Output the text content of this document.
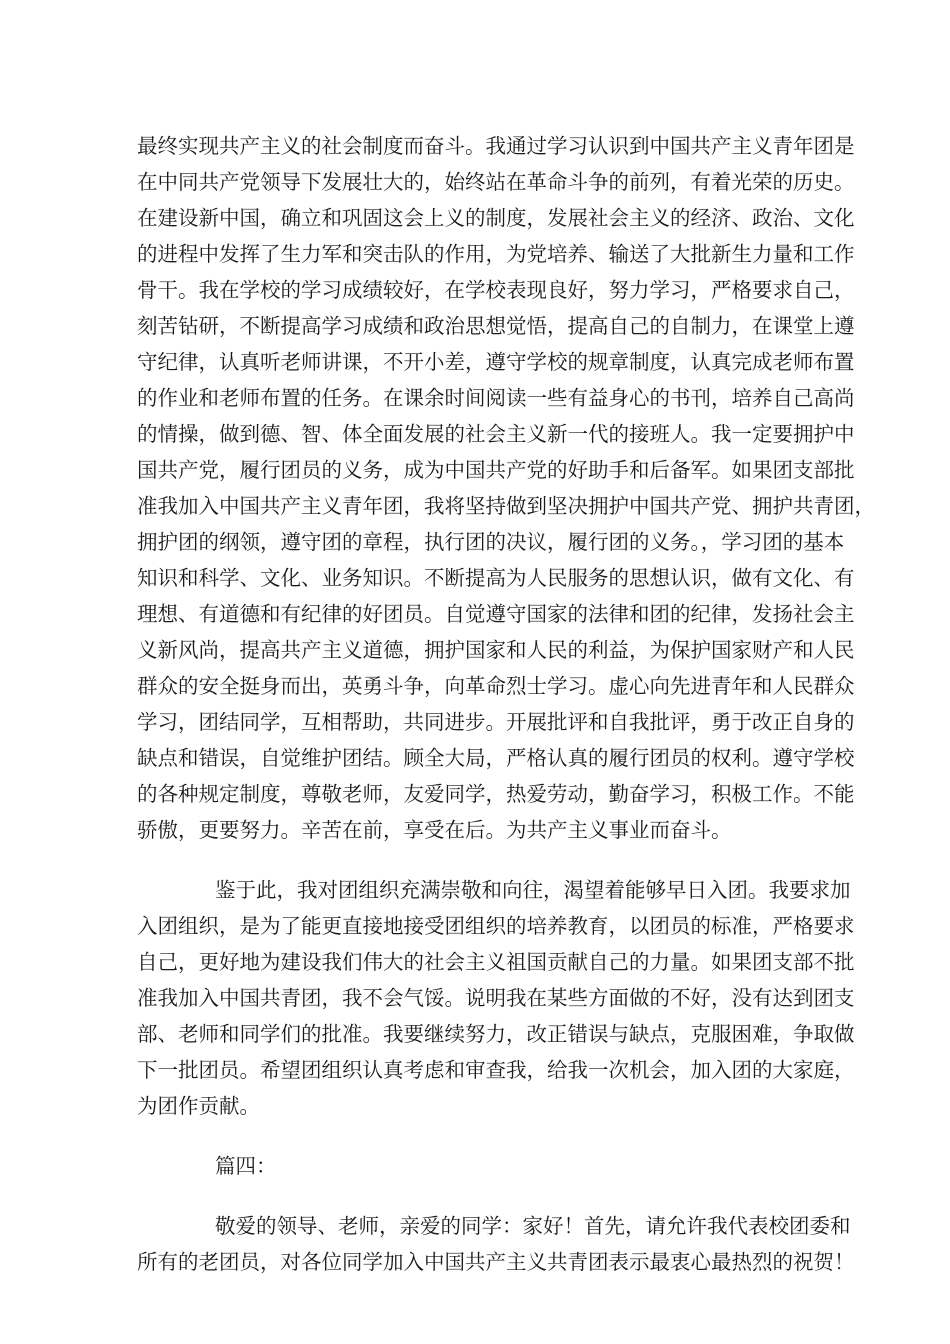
最终实现共产主义的社会制度而奋斗。我通过学习认识到中国共产主义青年团是
在中同共产党领导下发展壮大的，始终站在革命斗争的前列，有着光荣的历史。
在建设新中国，确立和巩固这会上义的制度，发展社会主义的经济、政治、文化
的进程中发挥了生力军和突击队的作用，为党培养、输送了大批新生力量和工作
骨干。我在学校的学习成绩较好，在学校表现良好，努力学习，严格要求自己，
刻苦钻研，不断提高学习成绩和政治思想觉悟，提高自己的自制力，在课堂上遵
守纪律，认真听老师讲课，不开小差，遵守学校的规章制度，认真完成老师布置
的作业和老师布置的任务。在课余时间阅读一些有益身心的书刊，培养自己高尚
的情操，做到德、智、体全面发展的社会主义新一代的接班人。我一定要拥护中
国共产党，履行团员的义务，成为中国共产党的好助手和后备军。如果团支部批
准我加入中国共产主义青年团，我将坚持做到坚决拥护中国共产党、拥护共青团，
拥护团的纲领，遵守团的章程，执行团的决议，履行团的义务。，学习团的基本
知识和科学、文化、业务知识。不断提高为人民服务的思想认识，做有文化、有
理想、有道德和有纪律的好团员。自觉遵守国家的法律和团的纪律，发扬社会主
义新风尚，提高共产主义道德，拥护国家和人民的利益，为保护国家财产和人民
群众的安全挺身而出，英勇斗争，向革命烈士学习。虚心向先进青年和人民群众
学习，团结同学，互相帮助，共同进步。开展批评和自我批评，勇于改正自身的
缺点和错误，自觉维护团结。顾全大局，严格认真的履行团员的权利。遵守学校
的各种规定制度，尊敬老师，友爱同学，热爱劳动，勤奋学习，积极工作。不能
骄傲，更要努力。辛苦在前，享受在后。为共产主义事业而奋斗。
鉴于此，我对团组织充满崇敬和向往，渴望着能够早日入团。我要求加
入团组织，是为了能更直接地接受团组织的培养教育，以团员的标准，严格要求
自己，更好地为建设我们伟大的社会主义祖国贡献自己的力量。如果团支部不批
准我加入中国共青团，我不会气馁。说明我在某些方面做的不好，没有达到团支
部、老师和同学们的批准。我要继续努力，改正错误与缺点，克服困难，争取做
下一批团员。希望团组织认真考虑和审查我，给我一次机会，加入团的大家庭，
为团作贡献。
篇四：
敬爱的领导、老师，亲爱的同学：家好！首先，请允许我代表校团委和
所有的老团员，对各位同学加入中国共产主义共青团表示最衷心最热烈的祝贺！
